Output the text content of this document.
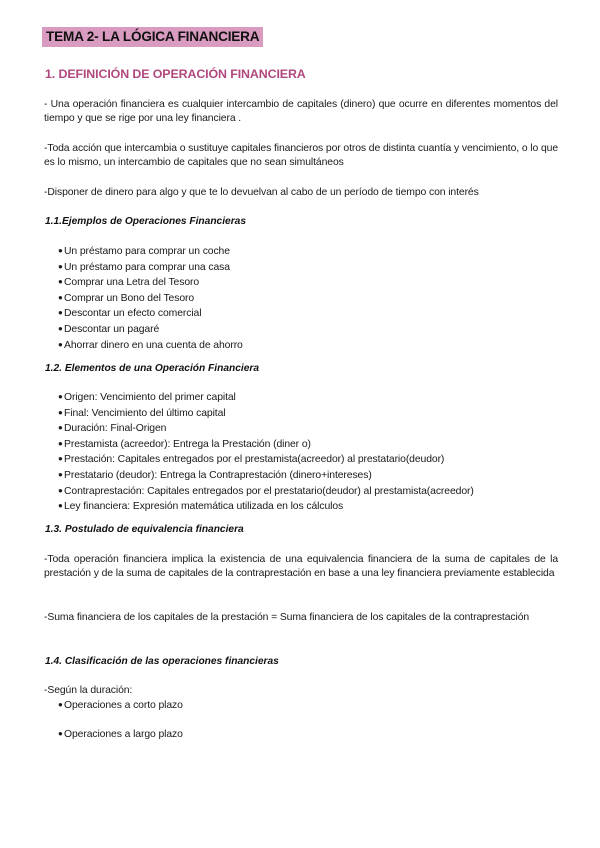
TEMA 2- LA LÓGICA FINANCIERA
1. DEFINICIÓN DE OPERACIÓN FINANCIERA
- Una operación financiera es cualquier intercambio de capitales (dinero) que ocurre en diferentes momentos del tiempo y que se rige por una ley financiera .
-Toda acción que intercambia o sustituye capitales financieros por otros de distinta cuantía y vencimiento, o lo que es lo mismo, un intercambio de capitales que no sean simultáneos
-Disponer de dinero para algo y que te lo devuelvan al cabo de un período de tiempo con interés
1.1.Ejemplos de Operaciones Financieras
●Un préstamo para comprar un coche
●Un préstamo para comprar una casa
●Comprar una Letra del Tesoro
●Comprar un Bono del Tesoro
●Descontar un efecto comercial
●Descontar un pagaré
●Ahorrar dinero en una cuenta de ahorro
1.2. Elementos de una Operación Financiera
●Origen: Vencimiento del primer capital
●Final: Vencimiento del último capital
●Duración: Final-Origen
●Prestamista (acreedor): Entrega la Prestación (diner o)
●Prestación: Capitales entregados por el prestamista(acreedor) al prestatario(deudor)
●Prestatario (deudor): Entrega la Contraprestación (dinero+intereses)
●Contraprestación: Capitales entregados por el prestatario(deudor) al prestamista(acreedor)
●Ley financiera: Expresión matemática utilizada en los cálculos
1.3. Postulado de equivalencia financiera
-Toda operación financiera implica la existencia de una equivalencia financiera de la suma de capitales de la prestación y de la suma de capitales de la contraprestación en base a una ley financiera previamente establecida
-Suma financiera de los capitales de la prestación = Suma financiera de los capitales de la contraprestación
1.4. Clasificación de las operaciones financieras
-Según la duración:
●Operaciones a corto plazo
●Operaciones a largo plazo
